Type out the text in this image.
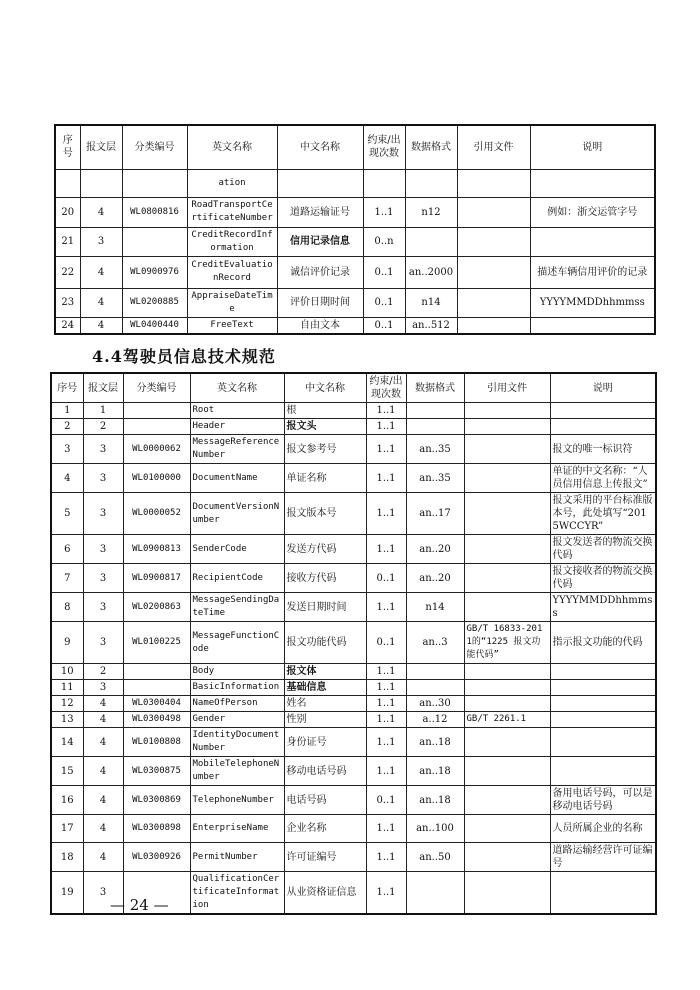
序号	报文层	分类编号	英文名称	中文名称	约束/出现次数	数据格式	引用文件	说明
			ation					
20	4	WL0800816	RoadTransportCertificateNumber	道路运输证号	1..1	n12		例如：浙交运管字号
21	3		CreditRecordInformation	信用记录信息	0..n			
22	4	WL0900976	CreditEvaluationRecord	诚信评价记录	0..1	an..2000		描述车辆信用评价的记录
23	4	WL0200885	AppraiseDateTime	评价日期时间	0..1	n14		YYYYMMDDhhmmss
24	4	WL0400440	FreeText	自由文本	0..1	an..512		
4.4驾驶员信息技术规范
序号	报文层	分类编号	英文名称	中文名称	约束/出现次数	数据格式	引用文件	说明
1	1		Root	根	1..1			
2	2		Header	报文头	1..1			
3	3	WL0000062	MessageReferenceNumber	报文参考号	1..1	an..35		报文的唯一标识符
4	3	WL0100000	DocumentName	单证名称	1..1	an..35		单证的中文名称：“人员信用信息上传报文”
5	3	WL0000052	DocumentVersionNumber	报文版本号	1..1	an..17		报文采用的平台标准版本号，此处填写“2015WCCYR”
6	3	WL0900813	SenderCode	发送方代码	1..1	an..20		报文发送者的物流交换代码
7	3	WL0900817	RecipientCode	接收方代码	0..1	an..20		报文接收者的物流交换代码
8	3	WL0200863	MessageSendingDateTime	发送日期时间	1..1	n14		YYYYMMDDhhmmss
9	3	WL0100225	MessageFunctionCode	报文功能代码	0..1	an..3	GB/T 16833-2011的“1225 报文功能代码”	指示报文功能的代码
10	2		Body	报文体	1..1			
11	3		BasicInformation	基础信息	1..1			
12	4	WL0300404	NameOfPerson	姓名	1..1	an..30		
13	4	WL0300498	Gender	性别	1..1	a..12	GB/T 2261.1	
14	4	WL0100808	IdentityDocumentNumber	身份证号	1..1	an..18		
15	4	WL0300875	MobileTelephoneNumber	移动电话号码	1..1	an..18		
16	4	WL0300869	TelephoneNumber	电话号码	0..1	an..18		备用电话号码，可以是移动电话号码
17	4	WL0300898	EnterpriseName	企业名称	1..1	an..100		人员所属企业的名称
18	4	WL0300926	PermitNumber	许可证编号	1..1	an..50		道路运输经营许可证编号
19	3		QualificationCertificateInformation	从业资格证信息	1..1			
— 24 —
